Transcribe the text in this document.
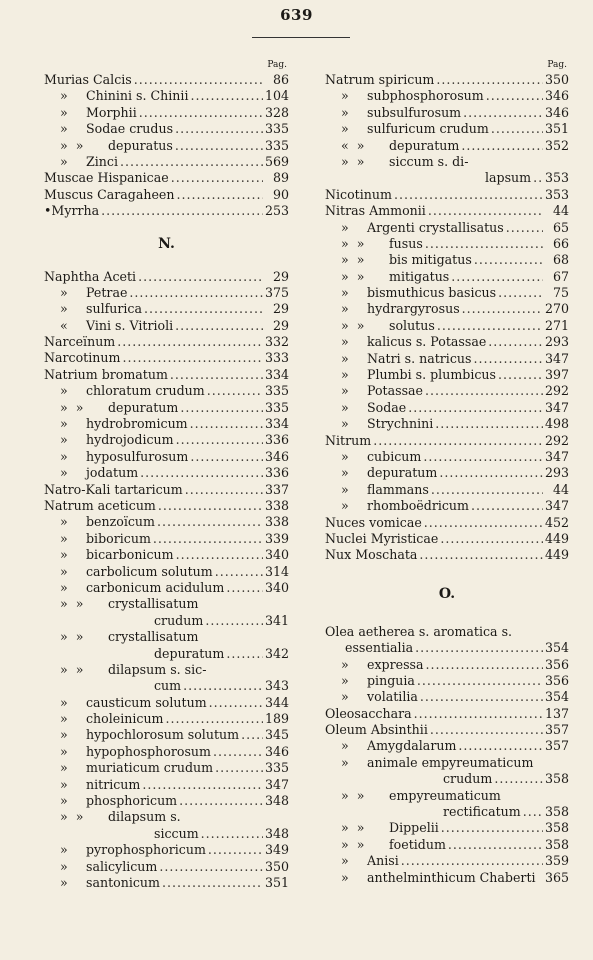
639
Pag.
Murias Calcis .....	86
»	Chinini s. Chinii .....	104
»	Morphii .....	328
»	Sodae crudus .....	335
»  »	depuratus .....	335
»	Zinci .....	569
Muscae Hispanicae .....	89
Muscus Caragaheen .....	90
•Myrrha .....	253
N.
Naphtha Aceti .....	29
»	Petrae .....	375
»	sulfurica .....	29
«	Vini s. Vitrioli .....	29
Narceïnum .....	332
Narcotinum .....	333
Natrium bromatum .....	334
»	chloratum crudum .....	335
»  »	depuratum .....	335
»	hydrobromicum .....	334
»	hydrojodicum .....	336
»	hyposulfurosum .....	346
»	jodatum .....	336
Natro-Kali tartaricum .....	337
Natrum aceticum .....	338
»	benzoïcum .....	338
»	biboricum .....	339
»	bicarbonicum .....	340
»	carbolicum solutum .....	314
»	carbonicum acidulum .....	340
»  »	crystallisatum
crudum .....	341
»  »	crystallisatum
depuratum .....	342
»  »	dilapsum s. sic-
cum .....	343
»	causticum solutum .....	344
»	choleinicum .....	189
»	hypochlorosum solutum ..... 345
»	hypophosphorosum .....	346
»	muriaticum crudum .....	335
»	nitricum .....	347
»	phosphoricum .....	348
»  »	dilapsum s.
siccum .....	348
»	pyrophosphoricum .....	349
»	salicylicum .....	350
»	santonicum .....	351
Pag.
Natrum spiricum .....	350
»	subphosphorosum .....	346
»	subsulfurosum .....	346
»	sulfuricum crudum .....	351
«  »	depuratum .....	352
»  »	siccum s. di-
lapsum ..... 353
Nicotinum .....	353
Nitras Ammonii .....	44
»	Argenti crystallisatus .....	65
»  »	fusus .....	66
»  »	bis mitigatus .....	68
»  »	mitigatus .....	67
»	bismuthicus basicus .....	75
»	hydrargyrosus .....	270
»  »	solutus .....	271
»	kalicus s. Potassae .....	293
»	Natri s. natricus .....	347
»	Plumbi s. plumbicus .....	397
»	Potassae .....	292
»	Sodae .....	347
»	Strychnini .....	498
Nitrum .....	292
»	cubicum .....	347
»	depuratum .....	293
»	flammans .....	44
»	rhomboëdricum .....	347
Nuces vomicae .....	452
Nuclei Myristicae .....	449
Nux Moschata .....	449
O.
Olea aetherea s. aromatica s.
essentialia .....	354
»	expressa .....	356
»	pinguia .....	356
»	volatilia .....	354
Oleosacchara .....	137
Oleum Absinthii .....	357
»	Amygdalarum .....	357
»	animale empyreumaticum
crudum .....	358
»  »	empyreumaticum
rectificatum ..... 358
»  »	Dippelii .....	358
»  »	foetidum .....	358
»	Anisi .....	359
»	anthelminthicum Chaberti 365
